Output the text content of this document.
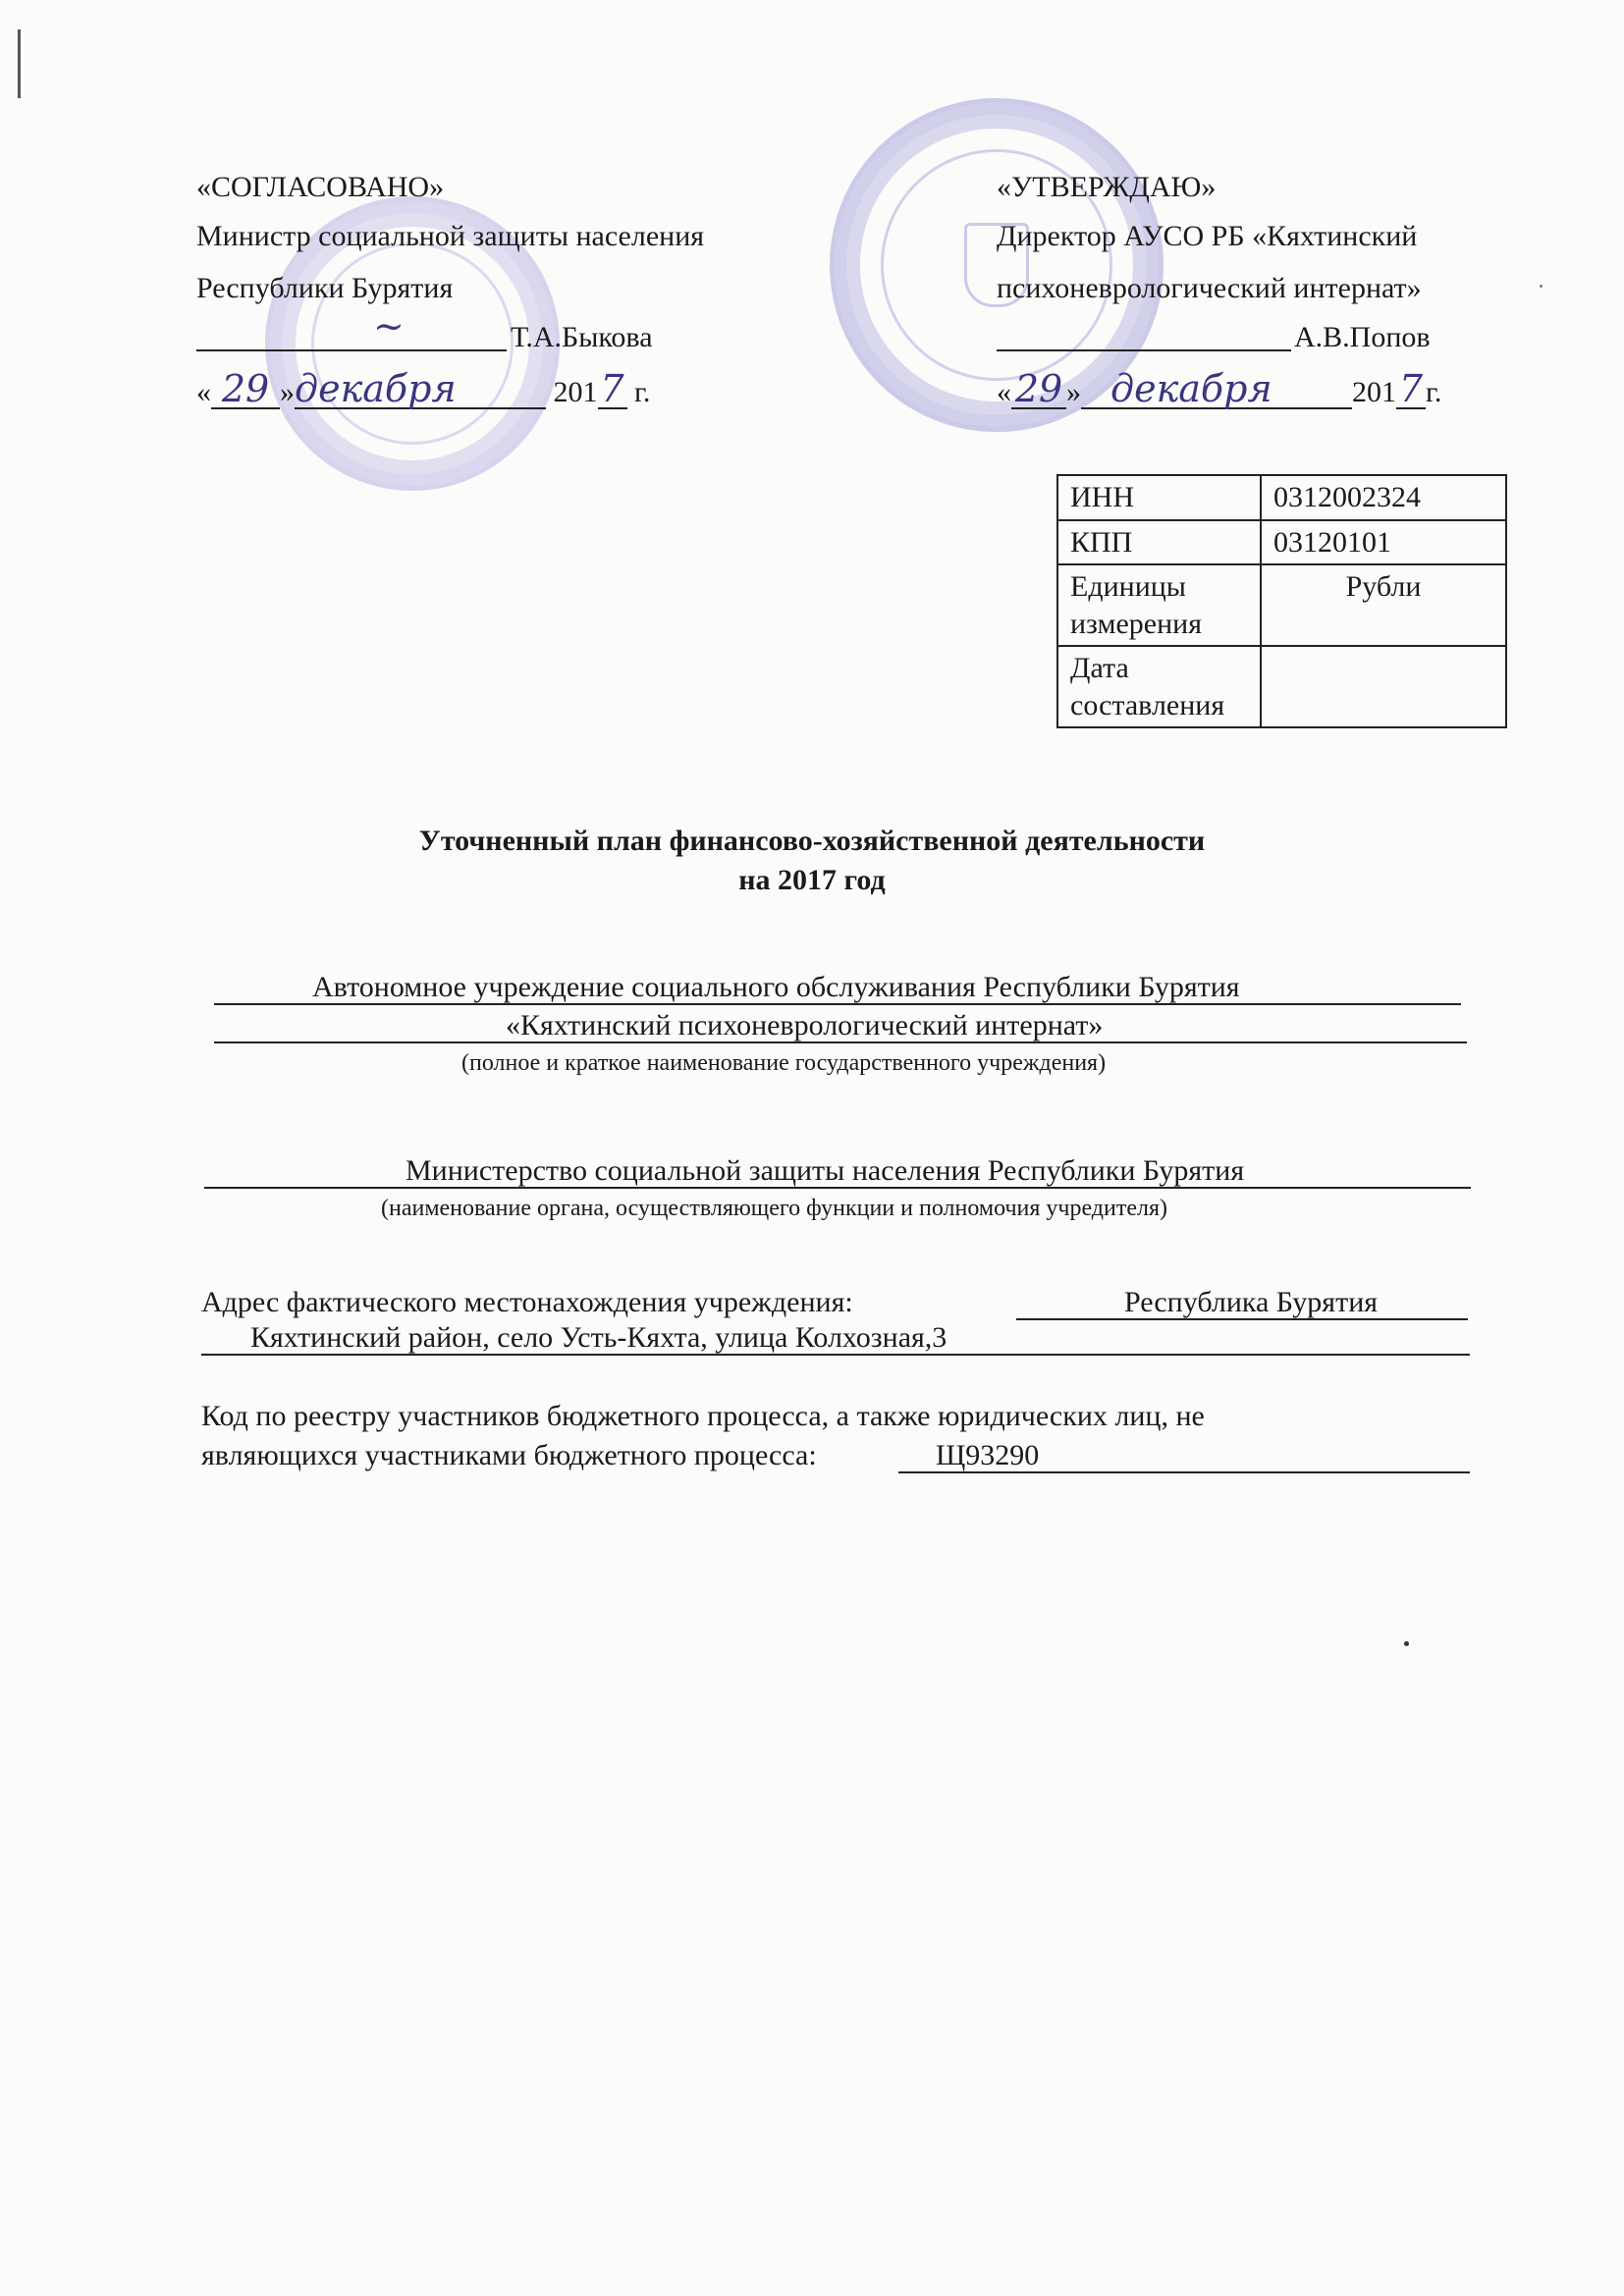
«СОГЛАСОВАНО»
Министр социальной защиты населения
Республики Бурятия
~	Т.А.Быкова
« 29 »декабря	2017 г.
«УТВЕРЖДАЮ»
Директор АУСО РБ «Кяхтинский
психоневрологический интернат»
А.В.Попов
« 29 » декабря	2017г.
ИНН	0312002324
КПП	03120101
Единицы измерения	Рубли
Дата составления	
Уточненный план финансово-хозяйственной деятельности
на 2017 год
Автономное учреждение социального обслуживания Республики Бурятия
«Кяхтинский психоневрологический интернат»
(полное и краткое наименование государственного учреждения)
Министерство социальной защиты населения Республики Бурятия
(наименование органа, осуществляющего функции и полномочия учредителя)
Адрес фактического местонахождения учреждения:	Республика Бурятия
Кяхтинский район, село Усть-Кяхта, улица Колхозная,3
Код по реестру участников бюджетного процесса, а также юридических лиц, не
являющихся участниками бюджетного процесса:	Щ93290
